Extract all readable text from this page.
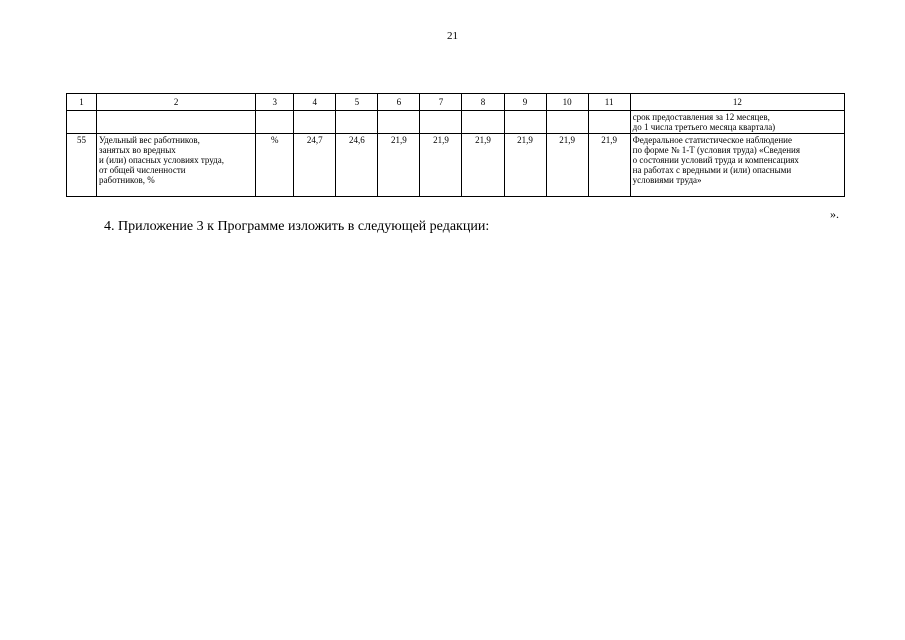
21
1	2	3	4	5	6	7	8	9	10	11	12

											срок предоставления за 12 месяцев,
до 1 числа третьего месяца квартала)

55	Удельный вес работников,
занятых во вредных
и (или) опасных условиях труда,
от общей численности
работников, %	%	24,7	24,6	21,9	21,9	21,9	21,9	21,9	21,9	Федеральное статистическое наблюдение
по форме № 1-Т (условия труда) «Сведения
о состоянии условий труда и компенсациях
на работах с вредными и (или) опасными
условиями труда»
».
4. Приложение 3 к Программе изложить в следующей редакции:
